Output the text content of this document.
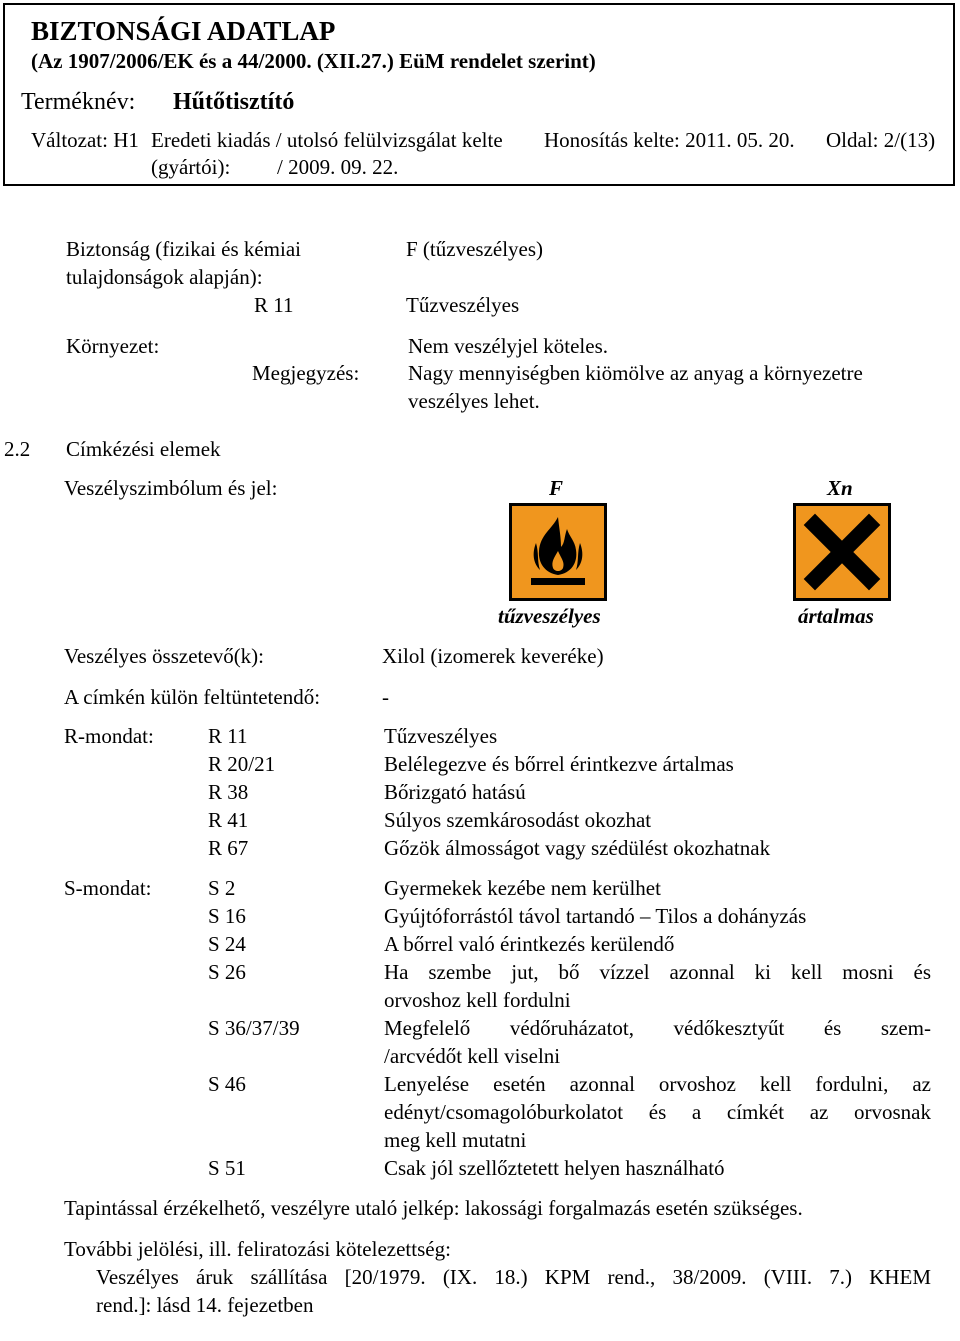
BIZTONSÁGI ADATLAP
(Az 1907/2006/EK és a 44/2000. (XII.27.) EüM rendelet szerint)
Terméknév: Hűtőtisztító
Változat: H1 Eredeti kiadás / utolsó felülvizsgálat kelte
(gyártói): / 2009. 09. 22.
Honosítás kelte: 2011. 05. 20. Oldal: 2/(13)
Biztonság (fizikai és kémiai
tulajdonságok alapján):
F (tűzveszélyes)
R 11	Tűzveszélyes
Környezet:	Nem veszélyjel köteles.
Megjegyzés: Nagy mennyiségben kiömölve az anyag a környezetre
veszélyes lehet.
2.2 Címkézési elemek
Veszélyszimbólum és jel:	F	Xn
tűzveszélyes	ártalmas
Veszélyes összetevő(k):	Xilol (izomerek keveréke)
A címkén külön feltüntetendő:	-
R-mondat:	R 11	Tűzveszélyes
R 20/21	Belélegezve és bőrrel érintkezve ártalmas
R 38	Bőrizgató hatású
R 41	Súlyos szemkárosodást okozhat
R 67	Gőzök álmosságot vagy szédülést okozhatnak
S-mondat:	S 2	Gyermekek kezébe nem kerülhet
S 16	Gyújtóforrástól távol tartandó – Tilos a dohányzás
S 24	A bőrrel való érintkezés kerülendő
S 26	Ha szembe jut, bő vízzel azonnal ki kell mosni és
orvoshoz kell fordulni
S 36/37/39	Megfelelő védőruházatot, védőkesztyűt és szem-
/arcvédőt kell viselni
S 46	Lenyelése esetén azonnal orvoshoz kell fordulni, az
edényt/csomagolóburkolatot és a címkét az orvosnak
meg kell mutatni
S 51	Csak jól szellőztetett helyen használható
Tapintással érzékelhető, veszélyre utaló jelkép: lakossági forgalmazás esetén szükséges.
További jelölési, ill. feliratozási kötelezettség:
Veszélyes áruk szállítása [20/1979. (IX. 18.) KPM rend., 38/2009. (VIII. 7.) KHEM
rend.]: lásd 14. fejezetben
